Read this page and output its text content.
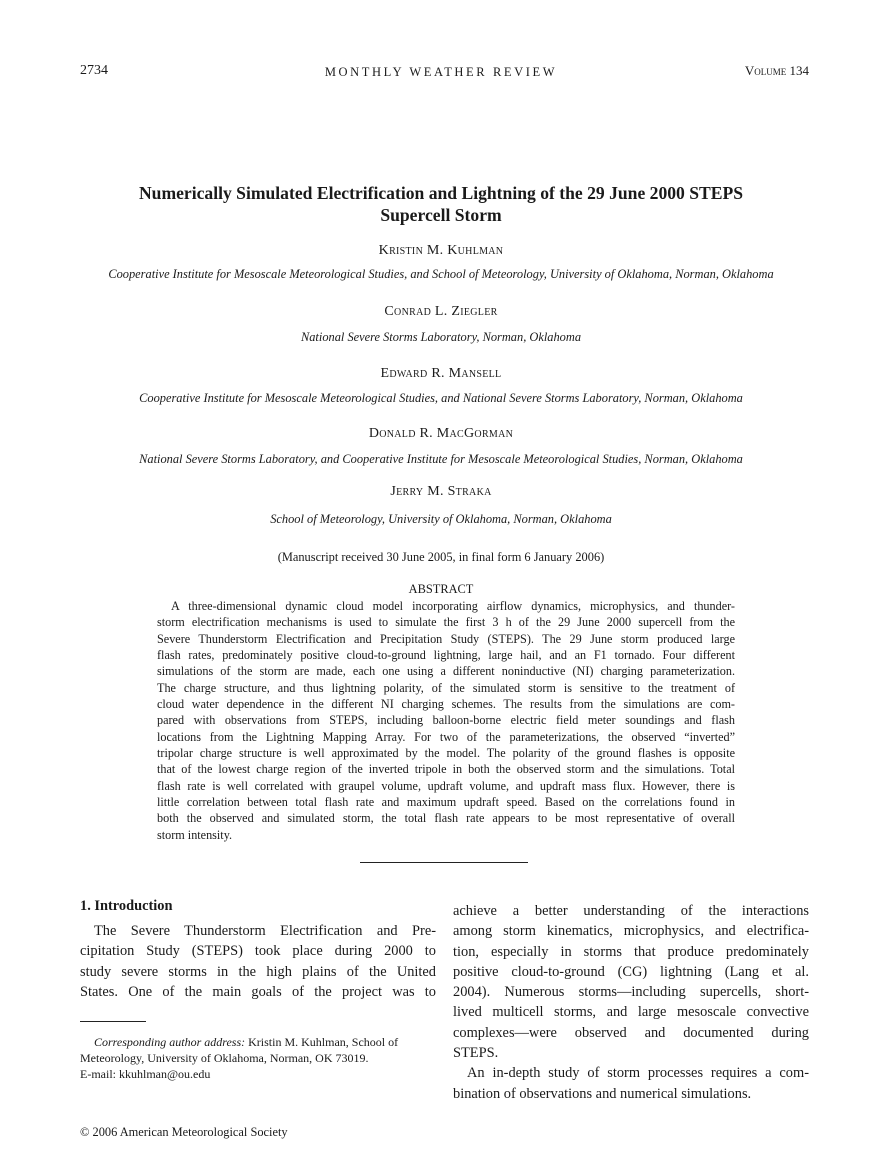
2734	MONTHLY WEATHER REVIEW	Volume 134
Numerically Simulated Electrification and Lightning of the 29 June 2000 STEPS
Supercell Storm
Kristin M. Kuhlman
Cooperative Institute for Mesoscale Meteorological Studies, and School of Meteorology, University of Oklahoma, Norman, Oklahoma
Conrad L. Ziegler
National Severe Storms Laboratory, Norman, Oklahoma
Edward R. Mansell
Cooperative Institute for Mesoscale Meteorological Studies, and National Severe Storms Laboratory, Norman, Oklahoma
Donald R. MacGorman
National Severe Storms Laboratory, and Cooperative Institute for Mesoscale Meteorological Studies, Norman, Oklahoma
Jerry M. Straka
School of Meteorology, University of Oklahoma, Norman, Oklahoma
(Manuscript received 30 June 2005, in final form 6 January 2006)
ABSTRACT
A three-dimensional dynamic cloud model incorporating airflow dynamics, microphysics, and thunder-
storm electrification mechanisms is used to simulate the first 3 h of the 29 June 2000 supercell from the
Severe Thunderstorm Electrification and Precipitation Study (STEPS). The 29 June storm produced large
flash rates, predominately positive cloud-to-ground lightning, large hail, and an F1 tornado. Four different
simulations of the storm are made, each one using a different noninductive (NI) charging parameterization.
The charge structure, and thus lightning polarity, of the simulated storm is sensitive to the treatment of
cloud water dependence in the different NI charging schemes. The results from the simulations are com-
pared with observations from STEPS, including balloon-borne electric field meter soundings and flash
locations from the Lightning Mapping Array. For two of the parameterizations, the observed “inverted”
tripolar charge structure is well approximated by the model. The polarity of the ground flashes is opposite
that of the lowest charge region of the inverted tripole in both the observed storm and the simulations. Total
flash rate is well correlated with graupel volume, updraft volume, and updraft mass flux. However, there is
little correlation between total flash rate and maximum updraft speed. Based on the correlations found in
both the observed and simulated storm, the total flash rate appears to be most representative of overall
storm intensity.
1. Introduction
The Severe Thunderstorm Electrification and Pre-
cipitation Study (STEPS) took place during 2000 to
study severe storms in the high plains of the United
States. One of the main goals of the project was to
achieve a better understanding of the interactions
among storm kinematics, microphysics, and electrifica-
tion, especially in storms that produce predominately
positive cloud-to-ground (CG) lightning (Lang et al.
2004). Numerous storms—including supercells, short-
lived multicell storms, and large mesoscale convective
complexes—were observed and documented during
STEPS.
An in-depth study of storm processes requires a com-
bination of observations and numerical simulations.
Corresponding author address: Kristin M. Kuhlman, School of
Meteorology, University of Oklahoma, Norman, OK 73019.
E-mail: kkuhlman@ou.edu
© 2006 American Meteorological Society
